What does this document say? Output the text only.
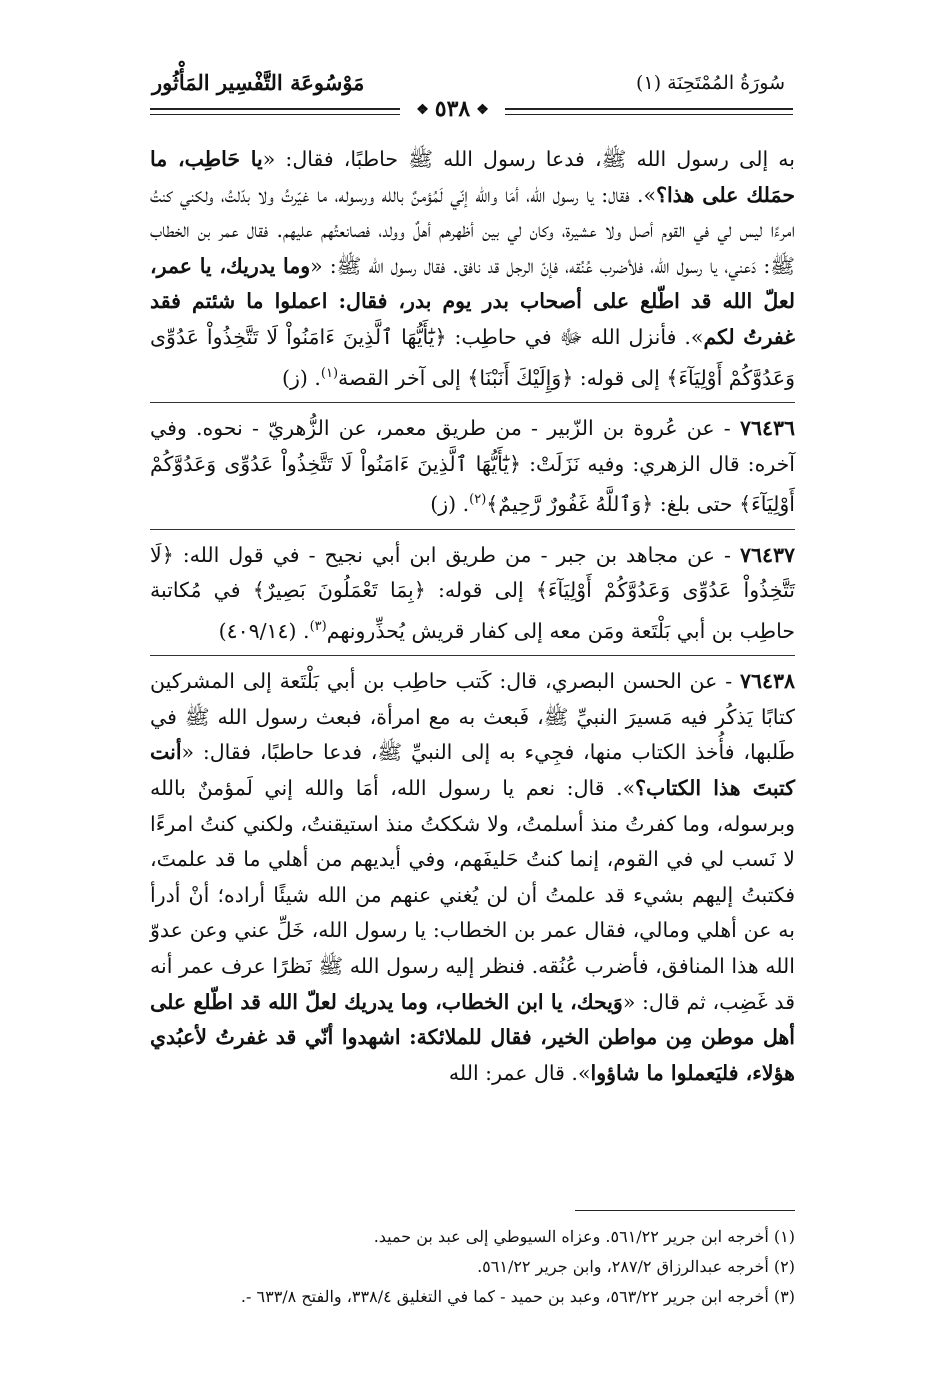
سُورَةُ المُمْتَحِنَة (١)
مَوْسُوعَة التَّفْسِير المَأْثُور
❖٥٣٨❖
به إلى رسول الله ﷺ، فدعا رسول الله ﷺ حاطبًا، فقال: «يا حَاطِب، ما حمَلك على هذا؟». فقال: يا رسول الله، أمَا والله إنّي لَمُؤمنٌ بالله ورسوله، ما غيّرتُ ولا بدّلتُ، ولكني كنتُ امرءًا ليس لي في القوم أصل ولا عشيرة، وكان لي بين أظهرهم أهلٌ وولد، فصانعتُهم عليهم. فقال عمر بن الخطاب ﷺ: دَعني، يا رسول الله، فلأضرب عُنُقه، فإنّ الرجل قد نافق. فقال رسول الله ﷺ: «وما يدريك، يا عمر، لعلّ الله قد اطّلع على أصحاب بدر يوم بدر، فقال: اعملوا ما شئتم فقد غفرتُ لكم». فأنزل الله ﷻ في حاطِب: ﴿يَٰٓأَيُّهَا ٱلَّذِينَ ءَامَنُواْ لَا تَتَّخِذُواْ عَدُوِّى وَعَدُوَّكُمْ أَوْلِيَآءَ﴾ إلى قوله: ﴿وَإِلَيْكَ أَنَبْنَا﴾ إلى آخر القصة$^{(١)}$. (ز)
٧٦٤٣٦ - عن عُروة بن الزّبير - من طريق معمر، عن الزُّهريّ - نحوه. وفي آخره: قال الزهري: وفيه نَزَلَتْ: ﴿يَٰٓأَيُّهَا ٱلَّذِينَ ءَامَنُواْ لَا تَتَّخِذُواْ عَدُوِّى وَعَدُوَّكُمْ أَوْلِيَآءَ﴾ حتى بلغ: ﴿وَٱللَّهُ غَفُورٌ رَّحِيمٌ﴾$^{(٢)}$. (ز)
٧٦٤٣٧ - عن مجاهد بن جبر - من طريق ابن أبي نجيح - في قول الله: ﴿لَا تَتَّخِذُواْ عَدُوِّى وَعَدُوَّكُمْ أَوْلِيَآءَ﴾ إلى قوله: ﴿بِمَا تَعْمَلُونَ بَصِيرٌ﴾ في مُكاتبة حاطِب بن أبي بَلْتَعة ومَن معه إلى كفار قريش يُحذِّرونهم$^{(٣)}$. (٤٠٩/١٤)
٧٦٤٣٨ - عن الحسن البصري، قال: كَتب حاطِب بن أبي بَلْتَعة إلى المشركين كتابًا يَذكُر فيه مَسيرَ النبيِّ ﷺ، فَبعث به مع امرأة، فبعث رسول الله ﷺ في طَلبها، فأُخذ الكتاب منها، فجِيء به إلى النبيِّ ﷺ، فدعا حاطبًا، فقال: «أنت كتبتَ هذا الكتاب؟». قال: نعم يا رسول الله، أمَا والله إني لَمؤمنٌ بالله وبرسوله، وما كفرتُ منذ أسلمتُ، ولا شككتُ منذ استيقنتُ، ولكني كنتُ امرءًا لا نَسب لي في القوم، إنما كنتُ حَليفَهم، وفي أيديهم من أهلي ما قد علمتَ، فكتبتُ إليهم بشيء قد علمتُ أن لن يُغني عنهم من الله شيئًا أراده؛ أنْ أدرأ به عن أهلي ومالي، فقال عمر بن الخطاب: يا رسول الله، خَلِّ عني وعن عدوّ الله هذا المنافق، فأضرب عُنُقه. فنظر إليه رسول الله ﷺ نَظرًا عرف عمر أنه قد غَضِب، ثم قال: «وَيحك، يا ابن الخطاب، وما يدريك لعلّ الله قد اطّلع على أهل موطن مِن مواطن الخير، فقال للملائكة: اشهدوا أنّي قد غفرتُ لأعبُدي هؤلاء، فليَعملوا ما شاؤوا». قال عمر: الله
(١) أخرجه ابن جرير ٥٦١/٢٢. وعزاه السيوطي إلى عبد بن حميد.
(٢) أخرجه عبدالرزاق ٢٨٧/٢، وابن جرير ٥٦١/٢٢.
(٣) أخرجه ابن جرير ٥٦٣/٢٢، وعبد بن حميد - كما في التغليق ٣٣٨/٤، والفتح ٦٣٣/٨ -.
